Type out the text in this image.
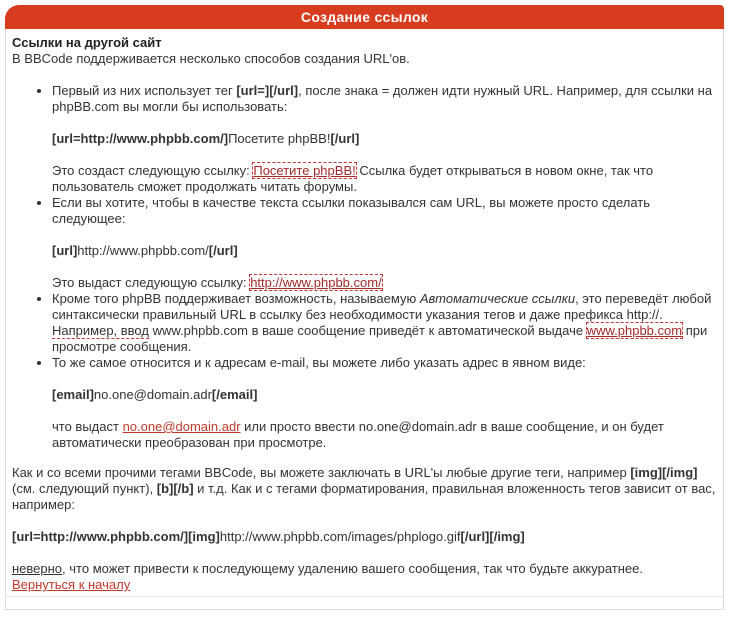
Создание ссылок
Ссылки на другой сайт

В BBCode поддерживается несколько способов создания URL'ов.

• Первый из них использует тег [url=][/url], после знака = должен идти нужный URL. Например, для ссылки на phpBB.com вы могли бы использовать:
[url=http://www.phpbb.com/]Посетите phpBB![/url]
Это создаст следующую ссылку: Посетите phpBB! Ссылка будет открываться в новом окне, так что пользователь сможет продолжать читать форумы.
• Если вы хотите, чтобы в качестве текста ссылки показывался сам URL, вы можете просто сделать следующее:
[url]http://www.phpbb.com/[/url]
Это выдаст следующую ссылку: http://www.phpbb.com/
• Кроме того phpBB поддерживает возможность, называемую Автоматические ссылки, это переведёт любой синтаксически правильный URL в ссылку без необходимости указания тегов и даже префикса http://. Например, ввод www.phpbb.com в ваше сообщение приведёт к автоматической выдаче www.phpbb.com при просмотре сообщения.
• То же самое относится и к адресам e-mail, вы можете либо указать адрес в явном виде:
[email]no.one@domain.adr[/email]
что выдаст no.one@domain.adr или просто ввести no.one@domain.adr в ваше сообщение, и он будет автоматически преобразован при просмотре.

Как и со всеми прочими тегами BBCode, вы можете заключать в URL'ы любые другие теги, например [img][/img] (см. следующий пункт), [b][/b] и т.д. Как и с тегами форматирования, правильная вложенность тегов зависит от вас, например:

[url=http://www.phpbb.com/][img]http://www.phpbb.com/images/phplogo.gif[/url][/img]

неверно, что может привести к последующему удалению вашего сообщения, так что будьте аккуратнее.

Вернуться к началу
